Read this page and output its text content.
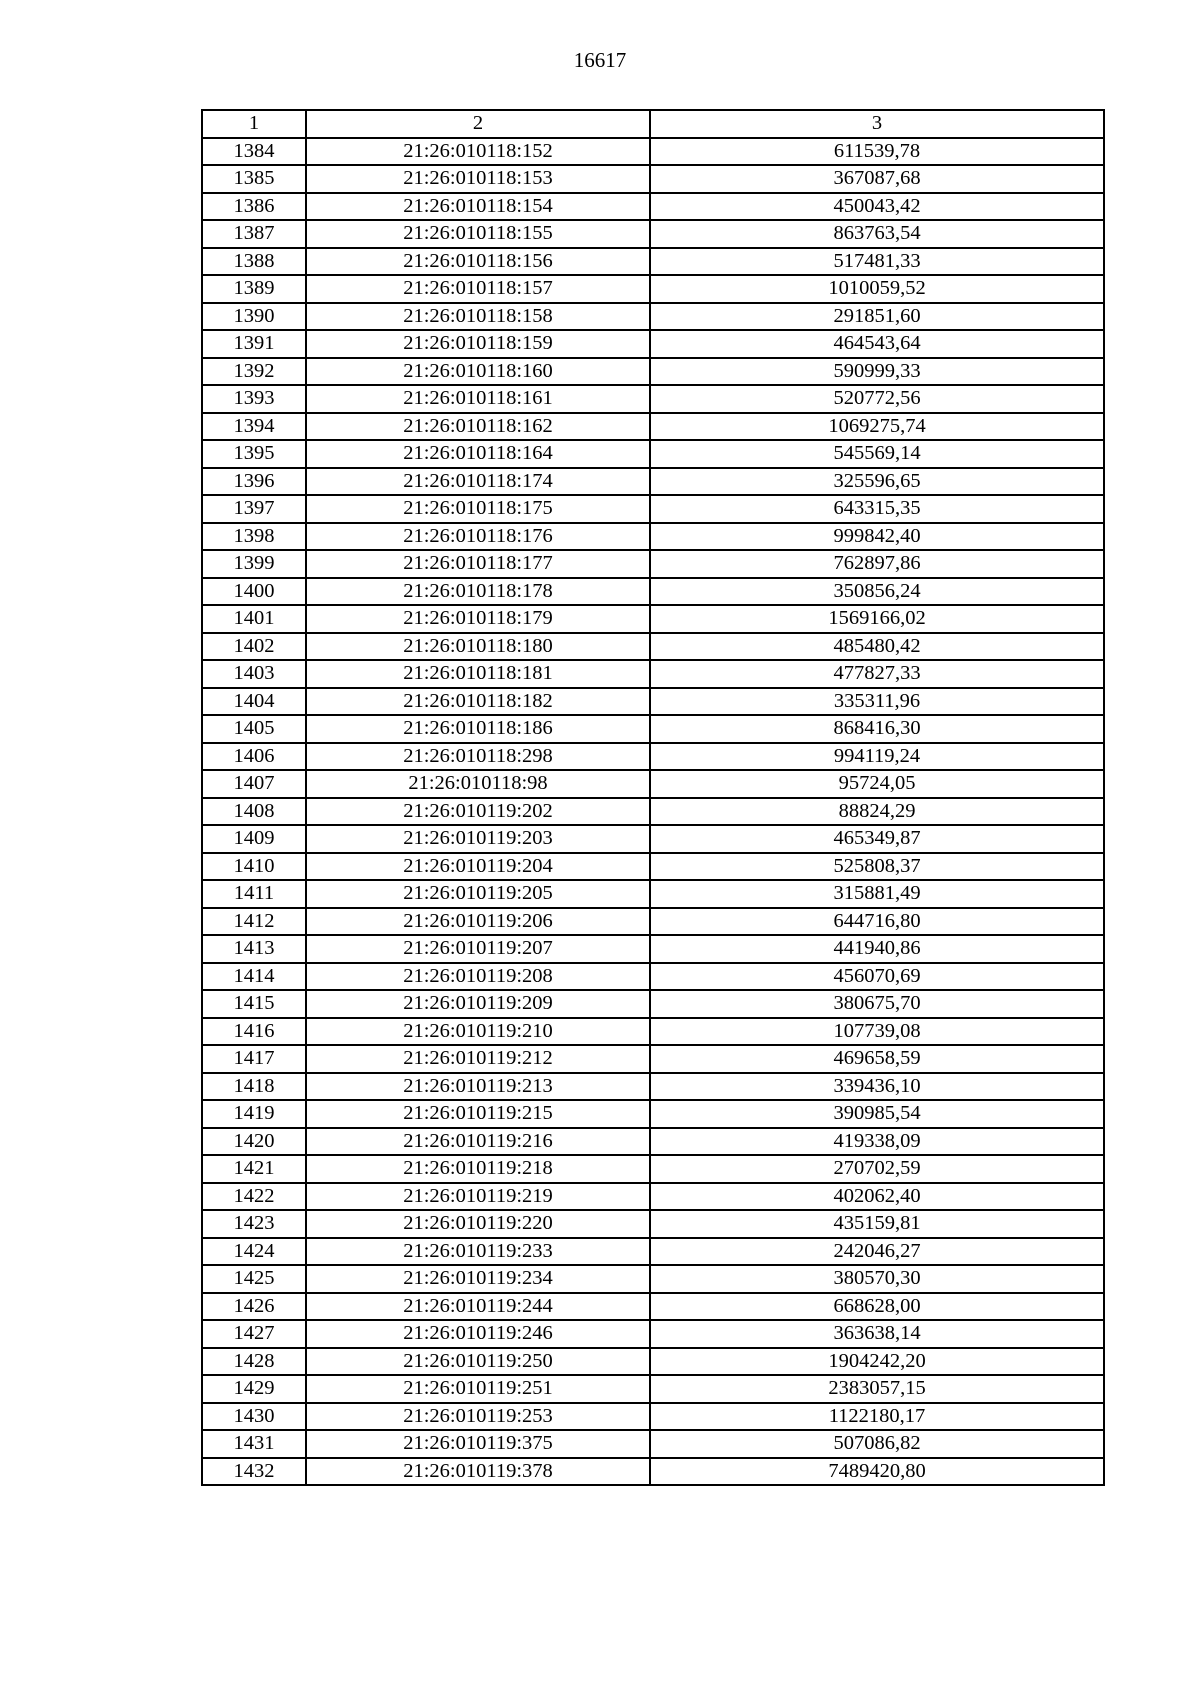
16617
1	2	3
1384	21:26:010118:152	611539,78
1385	21:26:010118:153	367087,68
1386	21:26:010118:154	450043,42
1387	21:26:010118:155	863763,54
1388	21:26:010118:156	517481,33
1389	21:26:010118:157	1010059,52
1390	21:26:010118:158	291851,60
1391	21:26:010118:159	464543,64
1392	21:26:010118:160	590999,33
1393	21:26:010118:161	520772,56
1394	21:26:010118:162	1069275,74
1395	21:26:010118:164	545569,14
1396	21:26:010118:174	325596,65
1397	21:26:010118:175	643315,35
1398	21:26:010118:176	999842,40
1399	21:26:010118:177	762897,86
1400	21:26:010118:178	350856,24
1401	21:26:010118:179	1569166,02
1402	21:26:010118:180	485480,42
1403	21:26:010118:181	477827,33
1404	21:26:010118:182	335311,96
1405	21:26:010118:186	868416,30
1406	21:26:010118:298	994119,24
1407	21:26:010118:98	95724,05
1408	21:26:010119:202	88824,29
1409	21:26:010119:203	465349,87
1410	21:26:010119:204	525808,37
1411	21:26:010119:205	315881,49
1412	21:26:010119:206	644716,80
1413	21:26:010119:207	441940,86
1414	21:26:010119:208	456070,69
1415	21:26:010119:209	380675,70
1416	21:26:010119:210	107739,08
1417	21:26:010119:212	469658,59
1418	21:26:010119:213	339436,10
1419	21:26:010119:215	390985,54
1420	21:26:010119:216	419338,09
1421	21:26:010119:218	270702,59
1422	21:26:010119:219	402062,40
1423	21:26:010119:220	435159,81
1424	21:26:010119:233	242046,27
1425	21:26:010119:234	380570,30
1426	21:26:010119:244	668628,00
1427	21:26:010119:246	363638,14
1428	21:26:010119:250	1904242,20
1429	21:26:010119:251	2383057,15
1430	21:26:010119:253	1122180,17
1431	21:26:010119:375	507086,82
1432	21:26:010119:378	7489420,80
